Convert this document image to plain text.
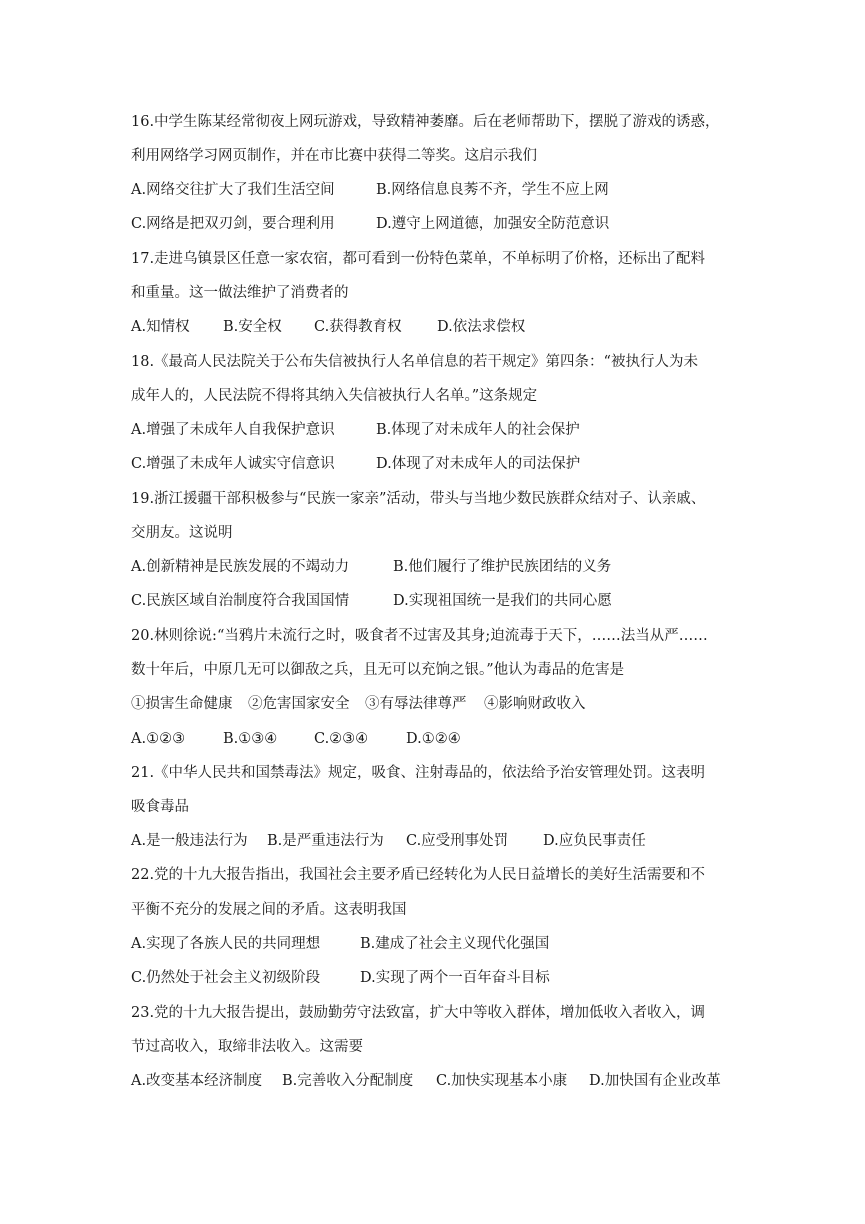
16.中学生陈某经常彻夜上网玩游戏，导致精神萎靡。后在老师帮助下，摆脱了游戏的诱惑，
利用网络学习网页制作，并在市比赛中获得二等奖。这启示我们
A.网络交往扩大了我们生活空间	B.网络信息良莠不齐，学生不应上网
C.网络是把双刃剑，要合理利用	D.遵守上网道德，加强安全防范意识
17.走进乌镇景区任意一家农宿，都可看到一份特色菜单，不单标明了价格，还标出了配料
和重量。这一做法维护了消费者的
A.知情权 B.安全权 C.获得教育权 D.依法求偿权
18.《最高人民法院关于公布失信被执行人名单信息的若干规定》第四条：“被执行人为未
成年人的，人民法院不得将其纳入失信被执行人名单。”这条规定
A.增强了未成年人自我保护意识	B.体现了对未成年人的社会保护
C.增强了未成年人诚实守信意识	D.体现了对未成年人的司法保护
19.浙江援疆干部积极参与“民族一家亲”活动，带头与当地少数民族群众结对子、认亲戚、
交朋友。这说明
A.创新精神是民族发展的不竭动力	B.他们履行了维护民族团结的义务
C.民族区域自治制度符合我国国情	D.实现祖国统一是我们的共同心愿
20.林则徐说:“当鸦片未流行之时，吸食者不过害及其身;迫流毒于天下，……法当从严……
数十年后，中原几无可以御敌之兵，且无可以充饷之银。”他认为毒品的危害是
①损害生命健康 ②危害国家安全 ③有辱法律尊严 ④影响财政收入
A.①②③	B.①③④	C.②③④	D.①②④
21.《中华人民共和国禁毒法》规定，吸食、注射毒品的，依法给予治安管理处罚。这表明
吸食毒品
A.是一般违法行为 B.是严重违法行为 C.应受刑事处罚 D.应负民事责任
22.党的十九大报告指出，我国社会主要矛盾已经转化为人民日益增长的美好生活需要和不
平衡不充分的发展之间的矛盾。这表明我国
A.实现了各族人民的共同理想	B.建成了社会主义现代化强国
C.仍然处于社会主义初级阶段	D.实现了两个一百年奋斗目标
23.党的十九大报告提出，鼓励勤劳守法致富，扩大中等收入群体，增加低收入者收入，调
节过高收入，取缔非法收入。这需要
A.改变基本经济制度 B.完善收入分配制度 C.加快实现基本小康 D.加快国有企业改革
